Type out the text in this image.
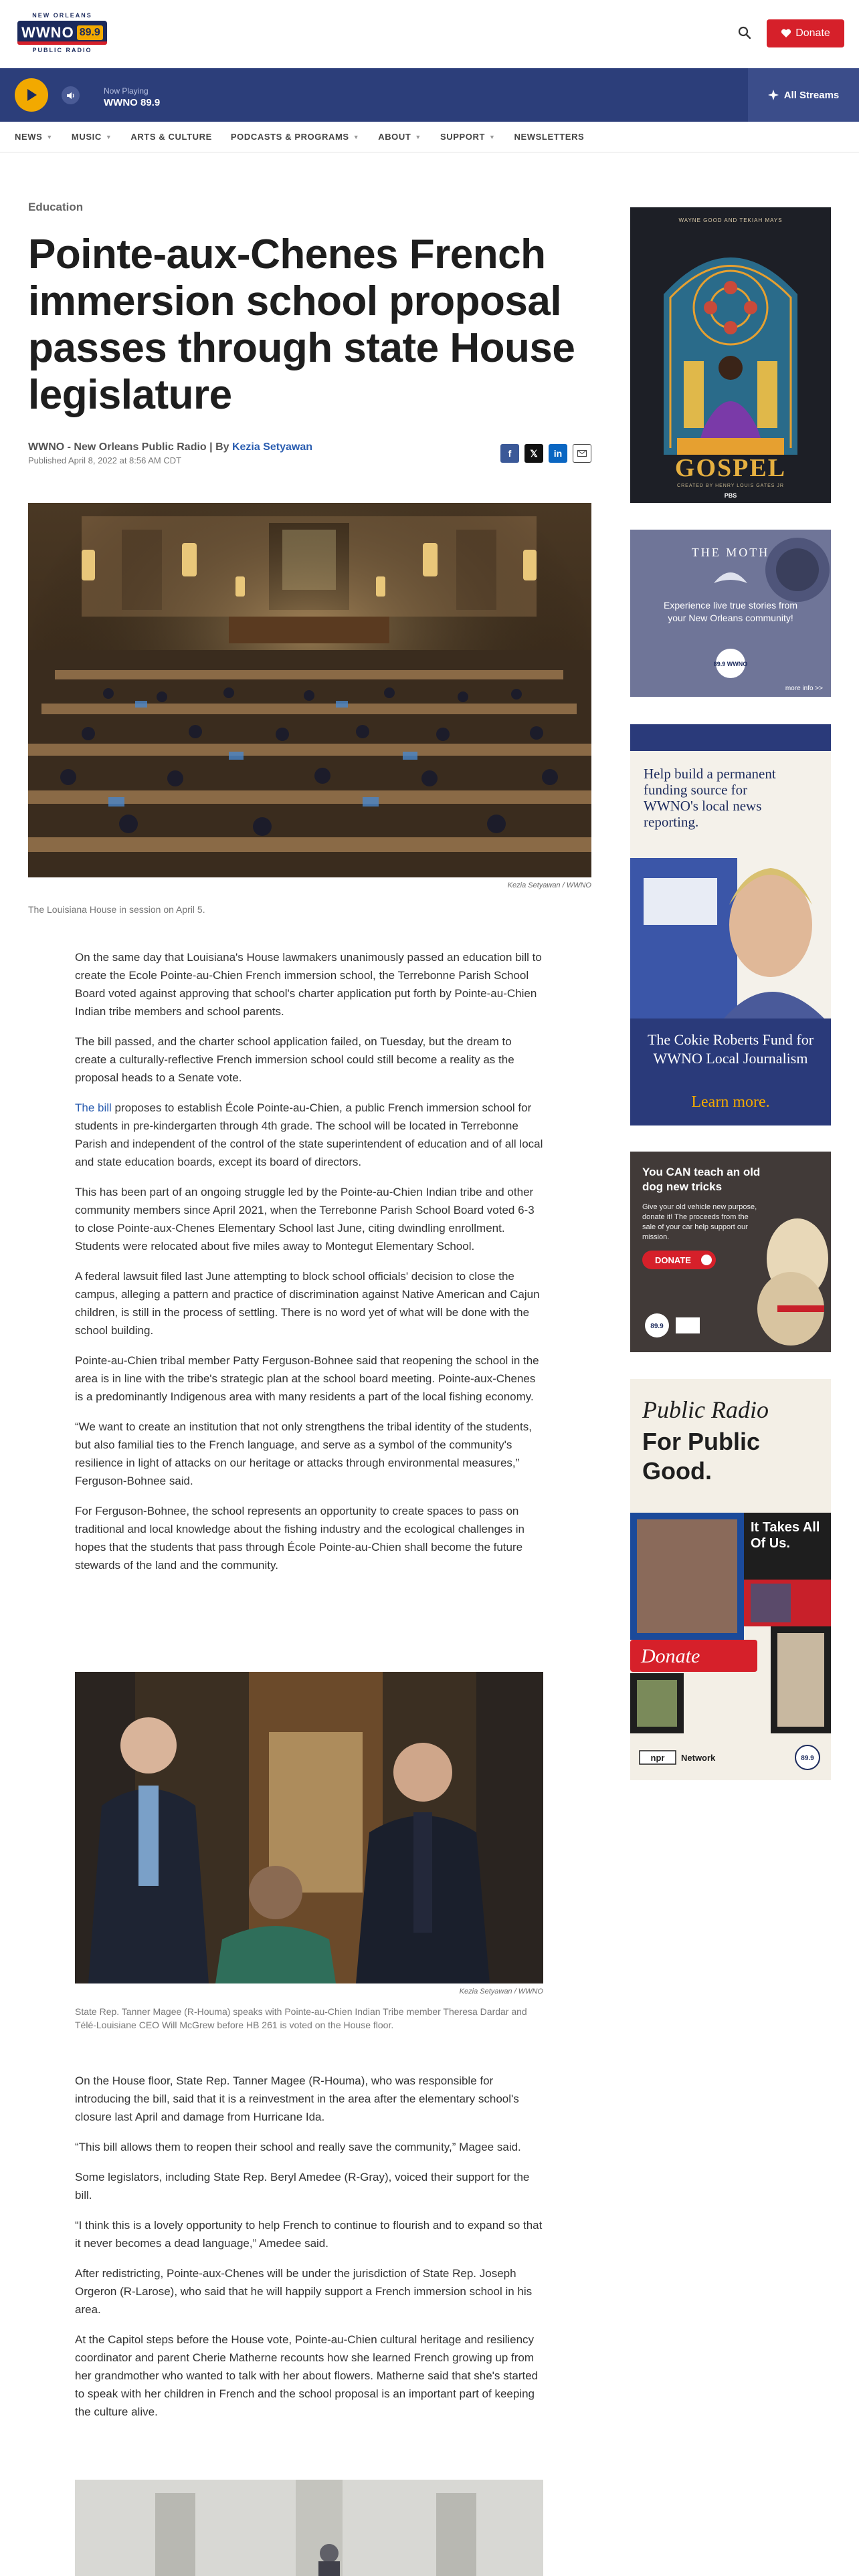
NEW ORLEANS
WWNO 89.9
PUBLIC RADIO
Donate
Now Playing
WWNO 89.9
All Streams
NEWS ▼ MUSIC ▼ ARTS & CULTURE PODCASTS & PROGRAMS ▼ ABOUT ▼ SUPPORT ▼ NEWSLETTERS
Education
Pointe-aux-Chenes French immersion school proposal passes through state House legislature
WWNO - New Orleans Public Radio | By Kezia Setyawan
Published April 8, 2022 at 8:56 AM CDT
f	𝕏	in
Kezia Setyawan / WWNO
The Louisiana House in session on April 5.

On the same day that Louisiana's House lawmakers unanimously passed an education bill to create the Ecole Pointe-au-Chien French immersion school, the Terrebonne Parish School Board voted against approving that school's charter application put forth by Pointe-au-Chien Indian tribe members and school parents.

The bill passed, and the charter school application failed, on Tuesday, but the dream to create a culturally-reflective French immersion school could still become a reality as the proposal heads to a Senate vote.

The bill proposes to establish École Pointe-au-Chien, a public French immersion school for students in pre-kindergarten through 4th grade. The school will be located in Terrebonne Parish and independent of the control of the state superintendent of education and of all local and state education boards, except its board of directors.

This has been part of an ongoing struggle led by the Pointe-au-Chien Indian tribe and other community members since April 2021, when the Terrebonne Parish School Board voted 6-3 to close Pointe-aux-Chenes Elementary School last June, citing dwindling enrollment. Students were relocated about five miles away to Montegut Elementary School.

A federal lawsuit filed last June attempting to block school officials' decision to close the campus, alleging a pattern and practice of discrimination against Native American and Cajun children, is still in the process of settling. There is no word yet of what will be done with the school building.

Pointe-au-Chien tribal member Patty Ferguson-Bohnee said that reopening the school in the area is in line with the tribe's strategic plan at the school board meeting. Pointe-aux-Chenes is a predominantly Indigenous area with many residents a part of the local fishing economy.

“We want to create an institution that not only strengthens the tribal identity of the students, but also familial ties to the French language, and serve as a symbol of the community's resilience in light of attacks on our heritage or attacks through environmental measures,” Ferguson-Bohnee said.

For Ferguson-Bohnee, the school represents an opportunity to create spaces to pass on traditional and local knowledge about the fishing industry and the ecological challenges in hopes that the students that pass through École Pointe-au-Chien shall become the future stewards of the land and the community.

Kezia Setyawan / WWNO
State Rep. Tanner Magee (R-Houma) speaks with Pointe-au-Chien Indian Tribe member Theresa Dardar and Télé-Louisiane CEO Will McGrew before HB 261 is voted on the House floor.

On the House floor, State Rep. Tanner Magee (R-Houma), who was responsible for introducing the bill, said that it is a reinvestment in the area after the elementary school's closure last April and damage from Hurricane Ida.

“This bill allows them to reopen their school and really save the community,” Magee said.

Some legislators, including State Rep. Beryl Amedee (R-Gray), voiced their support for the bill.

“I think this is a lovely opportunity to help French to continue to flourish and to expand so that it never becomes a dead language,” Amedee said.

After redistricting, Pointe-aux-Chenes will be under the jurisdiction of State Rep. Joseph Orgeron (R-Larose), who said that he will happily support a French immersion school in his area.

At the Capitol steps before the House vote, Pointe-au-Chien cultural heritage and resiliency coordinator and parent Cherie Matherne recounts how she learned French growing up from her grandmother who wanted to talk with her about flowers. Matherne said that she's started to speak with her children in French and the school proposal is an important part of keeping the culture alive.

WAYNE GOOD AND TEKIAH MAYS
GOSPEL
CREATED BY HENRY LOUIS GATES JR
PBS
THE MOTH
Experience live true stories from your New Orleans community!
89.9 WWNO
more info >>
Help build a permanent funding source for WWNO's local news reporting.
The Cokie Roberts Fund for WWNO Local Journalism
Learn more.
You CAN teach an old dog new tricks
Give your old vehicle new purpose, donate it! The proceeds from the sale of your car help support our mission.
DONATE
89.9
Public Radio
For Public
Good.
It Takes All Of Us.
Donate
npr Network	89.9
